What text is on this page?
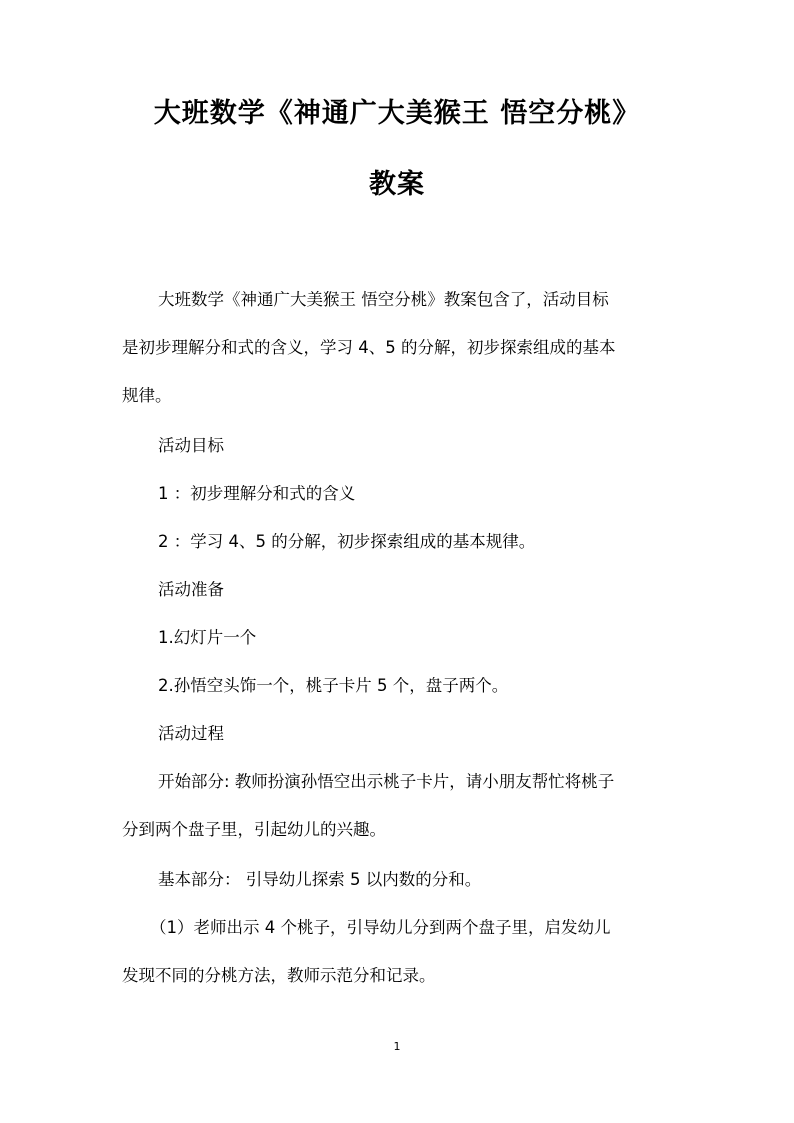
大班数学《神通广大美猴王 悟空分桃》
教案

大班数学《神通广大美猴王 悟空分桃》教案包含了，活动目标

是初步理解分和式的含义，学习 4、5 的分解，初步探索组成的基本

规律。

活动目标

1 ：初步理解分和式的含义

2 ：学习 4、5 的分解，初步探索组成的基本规律。

活动准备

1.幻灯片一个

2.孙悟空头饰一个，桃子卡片 5 个，盘子两个。

活动过程

开始部分: 教师扮演孙悟空出示桃子卡片，请小朋友帮忙将桃子

分到两个盘子里，引起幼儿的兴趣。

基本部分： 引导幼儿探索 5 以内数的分和。

（1）老师出示 4 个桃子，引导幼儿分到两个盘子里，启发幼儿

发现不同的分桃方法，教师示范分和记录。

1
